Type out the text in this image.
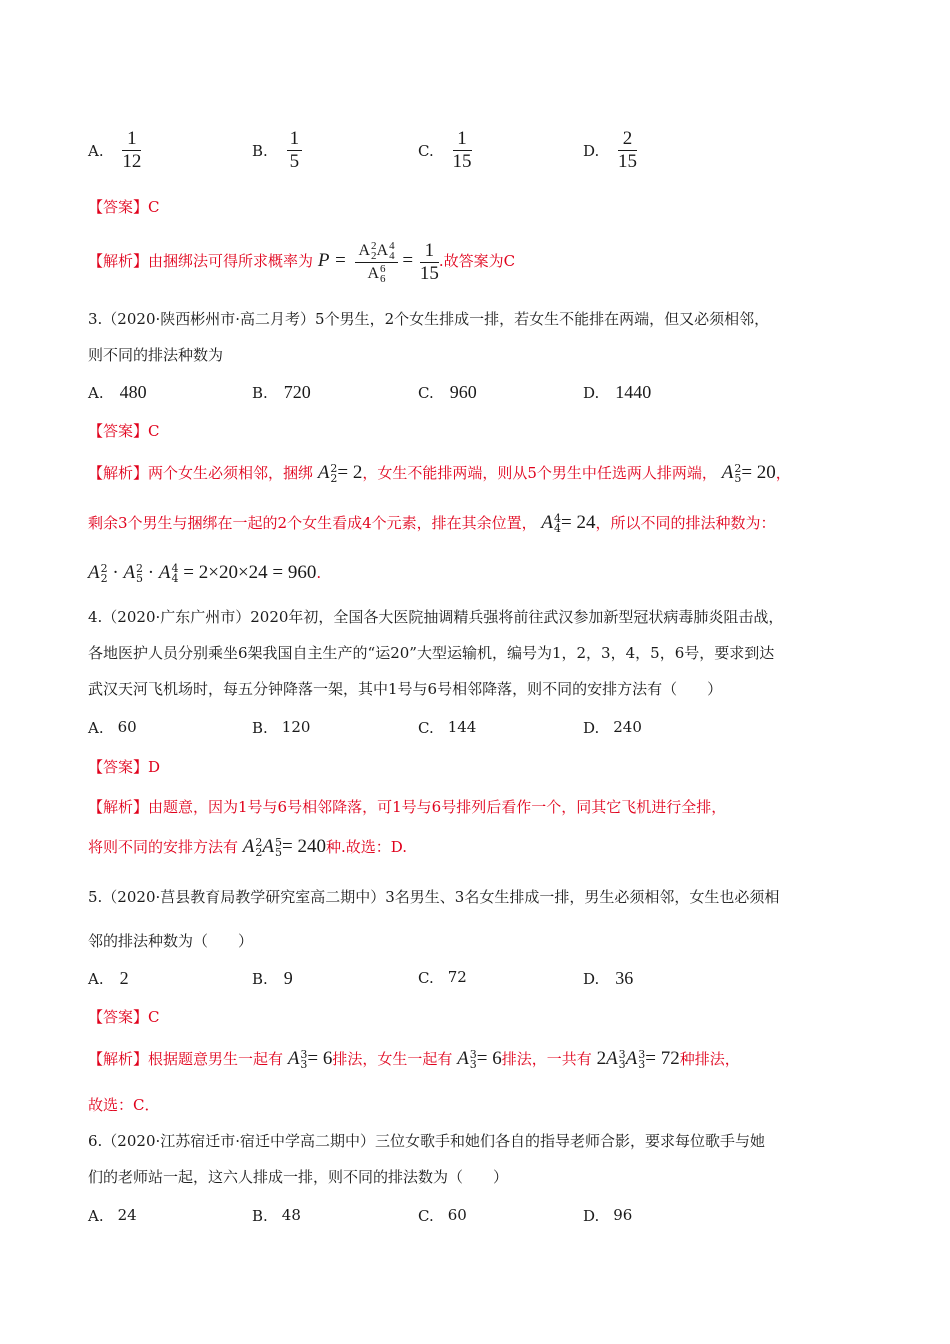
A. $\frac{1}{12}$	B. $\frac{1}{5}$	C. $\frac{1}{15}$	D. $\frac{2}{15}$
【答案】C
【解析】由捆绑法可得所求概率为 P = A 2
2 A 4
4
A 6
$6 = \frac{1}{15}$ .故答案为C
3.（2020·陕西彬州市·高二月考）5个男生，2个女生排成一排，若女生不能排在两端，但又必须相邻，
则不同的排法种数为
A. 480	B. 720	C. 960	D. 1440
【答案】C
【解析】两个女生必须相邻，捆绑 A 2
2 = 2，女生不能排两端，则从5个男生中任选两人排两端， A 2
5 = 20，
剩余3个男生与捆绑在一起的2个女生看成4个元素，排在其余位置， A 4
4 = 24，所以不同的排法种数为：
A 2
2 · A 2
5 · A 4
4 = 2×20×24 = 960.
4.（2020·广东广州市）2020年初，全国各大医院抽调精兵强将前往武汉参加新型冠状病毒肺炎阻击战，
各地医护人员分别乘坐6架我国自主生产的“运20”大型运输机，编号为1，2，3，4，5，6号，要求到达
武汉天河飞机场时，每五分钟降落一架，其中1号与6号相邻降落，则不同的安排方法有（　　）
A. 60	B. 120	C. 144	D. 240
【答案】D
【解析】由题意，因为1号与6号相邻降落，可1号与6号排列后看作一个，同其它飞机进行全排，
将则不同的安排方法有 A 2
2 A 5
5 = 240种.故选：D.
5.（2020·莒县教育局教学研究室高二期中）3名男生、3名女生排成一排，男生必须相邻，女生也必须相
邻的排法种数为（　　）
A. 2	B. 9	C. 72	D. 36
【答案】C
【解析】根据题意男生一起有 A 3
3 = 6排法，女生一起有 A 3
3 = 6排法，一共有 2A 3
3 A 3
3 = 72种排法，
故选：C．
6.（2020·江苏宿迁市·宿迁中学高二期中）三位女歌手和她们各自的指导老师合影，要求每位歌手与她
们的老师站一起，这六人排成一排，则不同的排法数为（　　）
A. 24	B. 48	C. 60	D. 96
